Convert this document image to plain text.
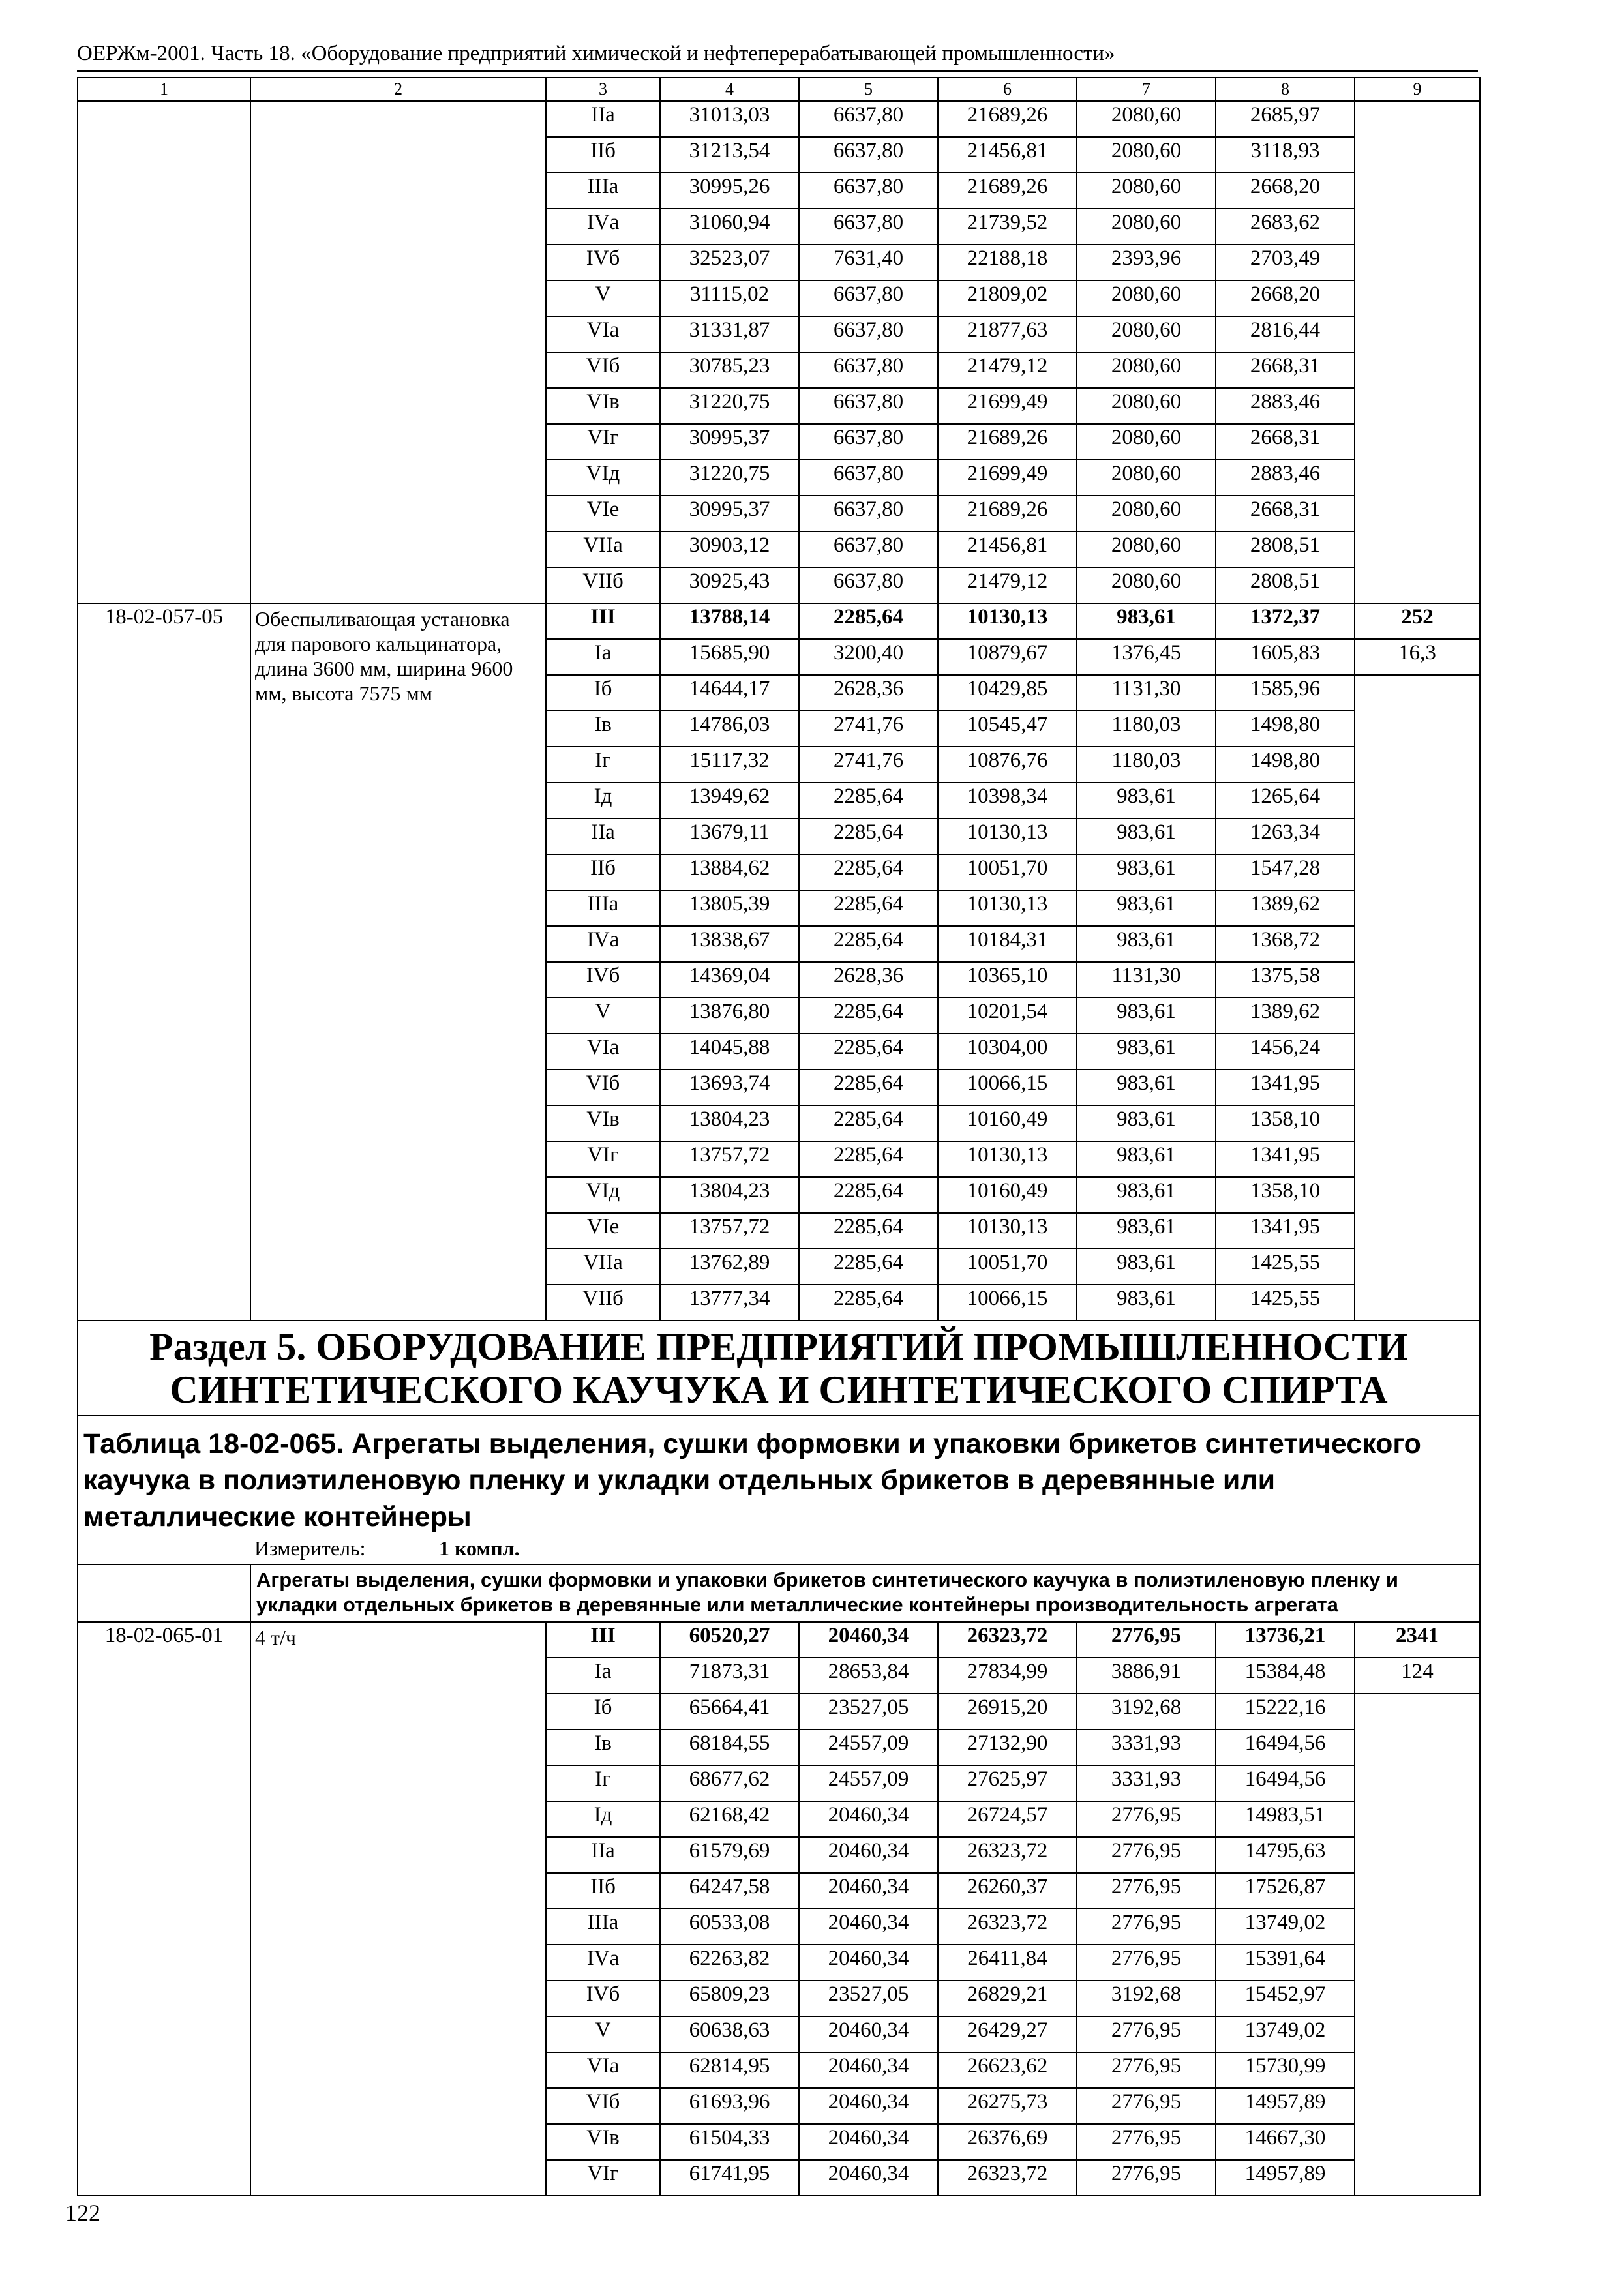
ОЕРЖм-2001. Часть 18. «Оборудование предприятий химической и нефтеперерабатывающей промышленности»
1	2	3	4	5	6	7	8	9
		IIа	31013,03	6637,80	21689,26	2080,60	2685,97	
		IIб	31213,54	6637,80	21456,81	2080,60	3118,93	
		IIIа	30995,26	6637,80	21689,26	2080,60	2668,20	
		IVа	31060,94	6637,80	21739,52	2080,60	2683,62	
		IVб	32523,07	7631,40	22188,18	2393,96	2703,49	
		V	31115,02	6637,80	21809,02	2080,60	2668,20	
		VIа	31331,87	6637,80	21877,63	2080,60	2816,44	
		VIб	30785,23	6637,80	21479,12	2080,60	2668,31	
		VIв	31220,75	6637,80	21699,49	2080,60	2883,46	
		VIг	30995,37	6637,80	21689,26	2080,60	2668,31	
		VIд	31220,75	6637,80	21699,49	2080,60	2883,46	
		VIе	30995,37	6637,80	21689,26	2080,60	2668,31	
		VIIа	30903,12	6637,80	21456,81	2080,60	2808,51	
		VIIб	30925,43	6637,80	21479,12	2080,60	2808,51	
18-02-057-05	Обеспыливающая установка для парового кальцинатора, длина 3600 мм, ширина 9600 мм, высота 7575 мм	III	13788,14	2285,64	10130,13	983,61	1372,37	252
		Iа	15685,90	3200,40	10879,67	1376,45	1605,83	16,3
		Iб	14644,17	2628,36	10429,85	1131,30	1585,96	
		Iв	14786,03	2741,76	10545,47	1180,03	1498,80	
		Iг	15117,32	2741,76	10876,76	1180,03	1498,80	
		Iд	13949,62	2285,64	10398,34	983,61	1265,64	
		IIа	13679,11	2285,64	10130,13	983,61	1263,34	
		IIб	13884,62	2285,64	10051,70	983,61	1547,28	
		IIIа	13805,39	2285,64	10130,13	983,61	1389,62	
		IVа	13838,67	2285,64	10184,31	983,61	1368,72	
		IVб	14369,04	2628,36	10365,10	1131,30	1375,58	
		V	13876,80	2285,64	10201,54	983,61	1389,62	
		VIа	14045,88	2285,64	10304,00	983,61	1456,24	
		VIб	13693,74	2285,64	10066,15	983,61	1341,95	
		VIв	13804,23	2285,64	10160,49	983,61	1358,10	
		VIг	13757,72	2285,64	10130,13	983,61	1341,95	
		VIд	13804,23	2285,64	10160,49	983,61	1358,10	
		VIе	13757,72	2285,64	10130,13	983,61	1341,95	
		VIIа	13762,89	2285,64	10051,70	983,61	1425,55	
		VIIб	13777,34	2285,64	10066,15	983,61	1425,55	

Раздел 5. ОБОРУДОВАНИЕ ПРЕДПРИЯТИЙ ПРОМЫШЛЕННОСТИ
СИНТЕТИЧЕСКОГО КАУЧУКА И СИНТЕТИЧЕСКОГО СПИРТА								

Таблица 18-02-065. Агрегаты выделения, сушки формовки и упаковки брикетов синтетического каучука в полиэтиленовую пленку и укладки отдельных брикетов в деревянные или металлические контейнеры
Измеритель: 1 компл.								

	Агрегаты выделения, сушки формовки и упаковки брикетов синтетического каучука в полиэтиленовую пленку и укладки отдельных брикетов в деревянные или металлические контейнеры производительность агрегата							
18-02-065-01	4 т/ч	III	60520,27	20460,34	26323,72	2776,95	13736,21	2341
		Iа	71873,31	28653,84	27834,99	3886,91	15384,48	124
		Iб	65664,41	23527,05	26915,20	3192,68	15222,16	
		Iв	68184,55	24557,09	27132,90	3331,93	16494,56	
		Iг	68677,62	24557,09	27625,97	3331,93	16494,56	
		Iд	62168,42	20460,34	26724,57	2776,95	14983,51	
		IIа	61579,69	20460,34	26323,72	2776,95	14795,63	
		IIб	64247,58	20460,34	26260,37	2776,95	17526,87	
		IIIа	60533,08	20460,34	26323,72	2776,95	13749,02	
		IVа	62263,82	20460,34	26411,84	2776,95	15391,64	
		IVб	65809,23	23527,05	26829,21	3192,68	15452,97	
		V	60638,63	20460,34	26429,27	2776,95	13749,02	
		VIа	62814,95	20460,34	26623,62	2776,95	15730,99	
		VIб	61693,96	20460,34	26275,73	2776,95	14957,89	
		VIв	61504,33	20460,34	26376,69	2776,95	14667,30	
		VIг	61741,95	20460,34	26323,72	2776,95	14957,89	
122
